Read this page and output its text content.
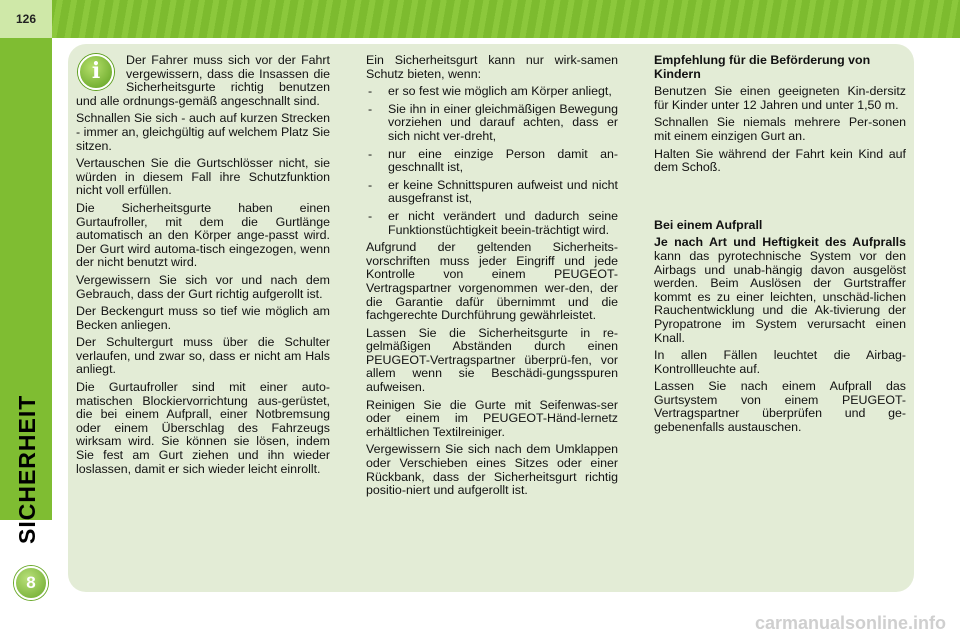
126
SICHERHEIT
8
i	Der Fahrer muss sich vor der Fahrt vergewissern, dass die Insassen die Sicherheitsgurte richtig benutzen und alle ordnungs-gemäß angeschnallt sind.

Schnallen Sie sich - auch auf kurzen Strecken - immer an, gleichgültig auf welchem Platz Sie sitzen.

Vertauschen Sie die Gurtschlösser nicht, sie würden in diesem Fall ihre Schutzfunktion nicht voll erfüllen.

Die Sicherheitsgurte haben einen Gurtaufroller, mit dem die Gurtlänge automatisch an den Körper ange-passt wird. Der Gurt wird automa-tisch eingezogen, wenn der nicht benutzt wird.

Vergewissern Sie sich vor und nach dem Gebrauch, dass der Gurt richtig aufgerollt ist.

Der Beckengurt muss so tief wie möglich am Becken anliegen.

Der Schultergurt muss über die Schulter verlaufen, und zwar so, dass er nicht am Hals anliegt.

Die Gurtaufroller sind mit einer auto-matischen Blockiervorrichtung aus-gerüstet, die bei einem Aufprall, einer Notbremsung oder einem Überschlag des Fahrzeugs wirksam wird. Sie können sie lösen, indem Sie fest am Gurt ziehen und ihn wieder loslassen, damit er sich wieder leicht einrollt.

Ein Sicherheitsgurt kann nur wirk-samen Schutz bieten, wenn:

- er so fest wie möglich am Körper anliegt,
- Sie ihn in einer gleichmäßigen Bewegung vorziehen und darauf achten, dass er sich nicht ver-dreht,
- nur eine einzige Person damit an-geschnallt ist,
- er keine Schnittspuren aufweist und nicht ausgefranst ist,
- er nicht verändert und dadurch seine Funktionstüchtigkeit beein-trächtigt wird.

Aufgrund der geltenden Sicherheits-vorschriften muss jeder Eingriff und jede Kontrolle von einem PEUGEOT-Vertragspartner vorgenommen wer-den, der die Garantie dafür übernimmt und die fachgerechte Durchführung gewährleistet.

Lassen Sie die Sicherheitsgurte in re-gelmäßigen Abständen durch einen PEUGEOT-Vertragspartner überprü-fen, vor allem wenn sie Beschädi-gungsspuren aufweisen.

Reinigen Sie die Gurte mit Seifenwas-ser oder einem im PEUGEOT-Händ-lernetz erhältlichen Textilreiniger.

Vergewissern Sie sich nach dem Umklappen oder Verschieben eines Sitzes oder einer Rückbank, dass der Sicherheitsgurt richtig positio-niert und aufgerollt ist.

Empfehlung für die Beförderung von Kindern

Benutzen Sie einen geeigneten Kin-dersitz für Kinder unter 12 Jahren und unter 1,50 m.

Schnallen Sie niemals mehrere Per-sonen mit einem einzigen Gurt an.

Halten Sie während der Fahrt kein Kind auf dem Schoß.

Bei einem Aufprall

Je nach Art und Heftigkeit des Aufpralls kann das pyrotechnische System vor den Airbags und unab-hängig davon ausgelöst werden. Beim Auslösen der Gurtstraffer kommt es zu einer leichten, unschäd-lichen Rauchentwicklung und die Ak-tivierung der Pyropatrone im System verursacht einen Knall.

In allen Fällen leuchtet die Airbag-Kontrollleuchte auf.

Lassen Sie nach einem Aufprall das Gurtsystem von einem PEUGEOT-Vertragspartner überprüfen und ge-gebenenfalls austauschen.

carmanualsonline.info
